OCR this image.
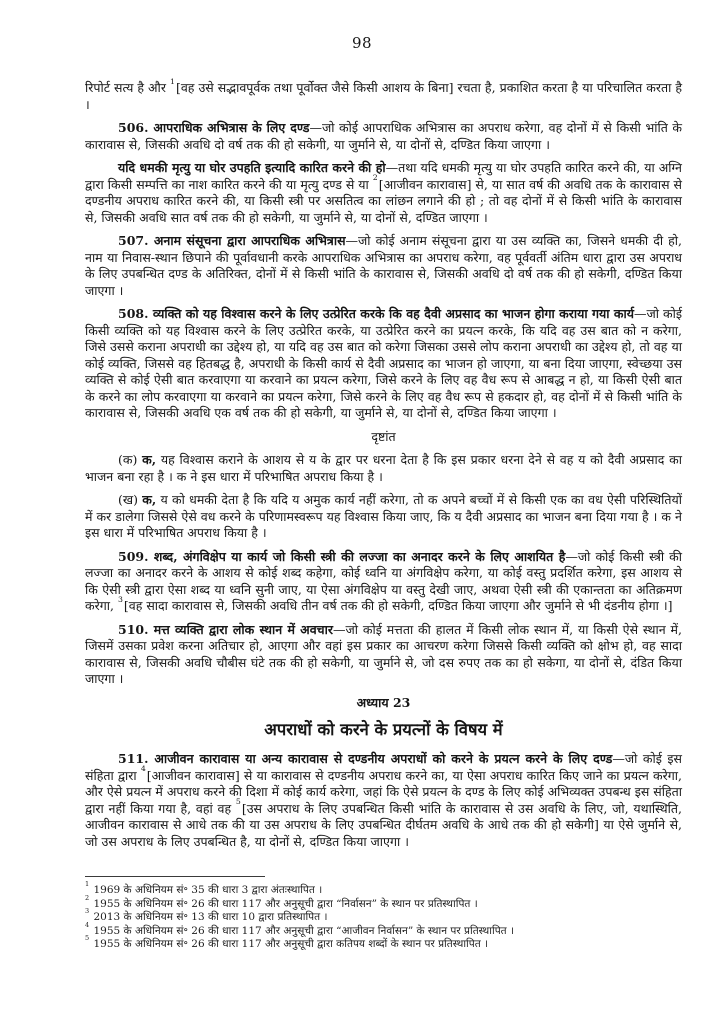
98

रिपोर्ट सत्य है और $^1$[वह उसे सद्भावपूर्वक तथा पूर्वोक्त जैसे किसी आशय के बिना] रचता है, प्रकाशित करता है या परिचालित करता है ।

506. आपराधिक अभित्रास के लिए दण्ड—जो कोई आपराधिक अभित्रास का अपराध करेगा, वह दोनों में से किसी भांति के कारावास से, जिसकी अवधि दो वर्ष तक की हो सकेगी, या जुर्माने से, या दोनों से, दण्डित किया जाएगा ।

यदि धमकी मृत्यु या घोर उपहति इत्यादि कारित करने की हो—तथा यदि धमकी मृत्यु या घोर उपहति कारित करने की, या अग्नि द्वारा किसी सम्पत्ति का नाश कारित करने की या मृत्यु दण्ड से या $^2$[आजीवन कारावास] से, या सात वर्ष की अवधि तक के कारावास से दण्डनीय अपराध कारित करने की, या किसी स्त्री पर असतित्व का लांछन लगाने की हो ; तो वह दोनों में से किसी भांति के कारावास से, जिसकी अवधि सात वर्ष तक की हो सकेगी, या जुर्माने से, या दोनों से, दण्डित जाएगा ।

507. अनाम संसूचना द्वारा आपराधिक अभित्रास—जो कोई अनाम संसूचना द्वारा या उस व्यक्ति का, जिसने धमकी दी हो, नाम या निवास-स्थान छिपाने की पूर्वावधानी करके आपराधिक अभित्रास का अपराध करेगा, वह पूर्ववर्ती अंतिम धारा द्वारा उस अपराध के लिए उपबन्धित दण्ड के अतिरिक्त, दोनों में से किसी भांति के कारावास से, जिसकी अवधि दो वर्ष तक की हो सकेगी, दण्डित किया जाएगा ।

508. व्यक्ति को यह विश्वास करने के लिए उत्प्रेरित करके कि वह दैवी अप्रसाद का भाजन होगा कराया गया कार्य—जो कोई किसी व्यक्ति को यह विश्वास करने के लिए उत्प्रेरित करके, या उत्प्रेरित करने का प्रयत्न करके, कि यदि वह उस बात को न करेगा, जिसे उससे कराना अपराधी का उद्देश्य हो, या यदि वह उस बात को करेगा जिसका उससे लोप कराना अपराधी का उद्देश्य हो, तो वह या कोई व्यक्ति, जिससे वह हितबद्ध है, अपराधी के किसी कार्य से दैवी अप्रसाद का भाजन हो जाएगा, या बना दिया जाएगा, स्वेच्छया उस व्यक्ति से कोई ऐसी बात करवाएगा या करवाने का प्रयत्न करेगा, जिसे करने के लिए वह वैध रूप से आबद्ध न हो, या किसी ऐसी बात के करने का लोप करवाएगा या करवाने का प्रयत्न करेगा, जिसे करने के लिए वह वैध रूप से हकदार हो, वह दोनों में से किसी भांति के कारावास से, जिसकी अवधि एक वर्ष तक की हो सकेगी, या जुर्माने से, या दोनों से, दण्डित किया जाएगा ।

दृष्टांत

(क) क, यह विश्वास कराने के आशय से य के द्वार पर धरना देता है कि इस प्रकार धरना देने से वह य को दैवी अप्रसाद का भाजन बना रहा है । क ने इस धारा में परिभाषित अपराध किया है ।

(ख) क, य को धमकी देता है कि यदि य अमुक कार्य नहीं करेगा, तो क अपने बच्चों में से किसी एक का वध ऐसी परिस्थितियों में कर डालेगा जिससे ऐसे वध करने के परिणामस्वरूप यह विश्वास किया जाए, कि य दैवी अप्रसाद का भाजन बना दिया गया है । क ने इस धारा में परिभाषित अपराध किया है ।

509. शब्द, अंगविक्षेप या कार्य जो किसी स्त्री की लज्जा का अनादर करने के लिए आशयित है—जो कोई किसी स्त्री की लज्जा का अनादर करने के आशय से कोई शब्द कहेगा, कोई ध्वनि या अंगविक्षेप करेगा, या कोई वस्तु प्रदर्शित करेगा, इस आशय से कि ऐसी स्त्री द्वारा ऐसा शब्द या ध्वनि सुनी जाए, या ऐसा अंगविक्षेप या वस्तु देखी जाए, अथवा ऐसी स्त्री की एकान्तता का अतिक्रमण करेगा, $^3$[वह सादा कारावास से, जिसकी अवधि तीन वर्ष तक की हो सकेगी, दण्डित किया जाएगा और जुर्माने से भी दंडनीय होगा ।]

510. मत्त व्यक्ति द्वारा लोक स्थान में अवचार—जो कोई मत्तता की हालत में किसी लोक स्थान में, या किसी ऐसे स्थान में, जिसमें उसका प्रवेश करना अतिचार हो, आएगा और वहां इस प्रकार का आचरण करेगा जिससे किसी व्यक्ति को क्षोभ हो, वह सादा कारावास से, जिसकी अवधि चौबीस घंटे तक की हो सकेगी, या जुर्माने से, जो दस रुपए तक का हो सकेगा, या दोनों से, दंडित किया जाएगा ।

अध्याय 23

अपराधों को करने के प्रयत्नों के विषय में

511. आजीवन कारावास या अन्य कारावास से दण्डनीय अपराधों को करने के प्रयत्न करने के लिए दण्ड—जो कोई इस संहिता द्वारा $^4$[आजीवन कारावास] से या कारावास से दण्डनीय अपराध करने का, या ऐसा अपराध कारित किए जाने का प्रयत्न करेगा, और ऐसे प्रयत्न में अपराध करने की दिशा में कोई कार्य करेगा, जहां कि ऐसे प्रयत्न के दण्ड के लिए कोई अभिव्यक्त उपबन्ध इस संहिता द्वारा नहीं किया गया है, वहां वह $^5$[उस अपराध के लिए उपबन्धित किसी भांति के कारावास से उस अवधि के लिए, जो, यथास्थिति, आजीवन कारावास से आधे तक की या उस अपराध के लिए उपबन्धित दीर्घतम अवधि के आधे तक की हो सकेगी] या ऐसे जुर्माने से, जो उस अपराध के लिए उपबन्धित है, या दोनों से, दण्डित किया जाएगा ।

$^1$ 1969 के अधिनियम सं॰ 35 की धारा 3 द्वारा अंतःस्थापित ।
$^2$ 1955 के अधिनियम सं॰ 26 की धारा 117 और अनुसूची द्वारा “निर्वासन” के स्थान पर प्रतिस्थापित ।
$^3$ 2013 के अधिनियम सं॰ 13 की धारा 10 द्वारा प्रतिस्थापित ।
$^4$ 1955 के अधिनियम सं॰ 26 की धारा 117 और अनुसूची द्वारा “आजीवन निर्वासन” के स्थान पर प्रतिस्थापित ।
$^5$ 1955 के अधिनियम सं॰ 26 की धारा 117 और अनुसूची द्वारा कतिपय शब्दों के स्थान पर प्रतिस्थापित ।
